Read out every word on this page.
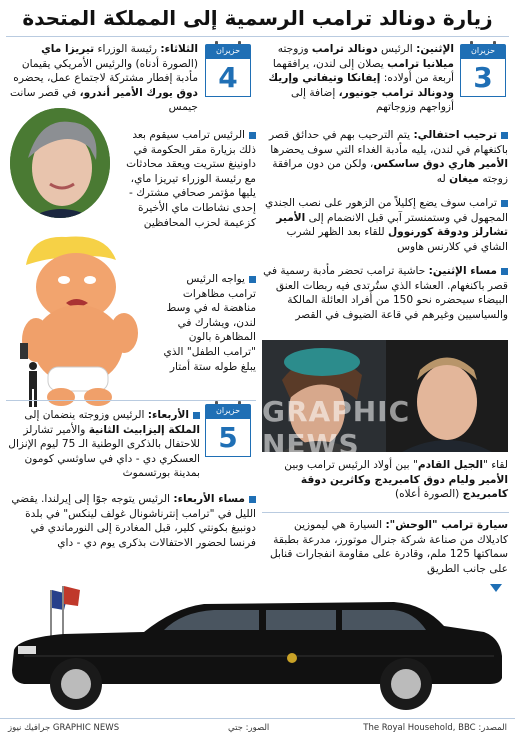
زيارة دونالد ترامب الرسمية إلى المملكة المتحدة
حزيران
3
حزيران
4
حزيران
5
الإثنين: الرئيس دونالد ترامب وزوجته ميلانيا ترامب يصلان إلى لندن، يرافقهما أربعة من أولاده: إيفانكا وتيفاني وإريك ودونالد ترامب جونيور، إضافة إلى أزواجهم وزوجاتهم
ترحيب احتفالي: يتم الترحيب بهم في حدائق قصر باكنغهام في لندن، يليه مأدبة الغداء التي سوف يحضرها الأمير هاري دوق ساسكس، ولكن من دون مرافقة زوجته ميغان له
ترامب سوف يضع إكليلاً من الزهور على نصب الجندي المجهول في وستمنستر آبي قبل الانضمام إلى الأمير تشارلز ودوقة كورنوول للقاء بعد الظهر لشرب الشاي في كلارنس هاوس
مساء الإثنين: حاشية ترامب تحضر مأدبة رسمية في قصر باكنغهام. العشاء الذي ستُرتدى فيه ربطات العنق البيضاء سيحضره نحو 150 من أفراد العائلة المالكة والسياسيين وغيرهم في قاعة الضيوف في القصر
GRAPHIC NEWS
لقاء "الجيل القادم" بين أولاد الرئيس ترامب وبين الأمير وليام دوق كامبريدج وكاثرين دوقة كامبريدج (الصورة أعلاه)
سيارة ترامب "الوحش": السيارة هي ليموزين كاديلاك من صناعة شركة جنرال موتورز، مدرعة بطبقة سماكتها 125 ملم، وقادرة على مقاومة انفجارات قنابل على جانب الطريق
الثلاثاء: رئيسة الوزراء تيريزا ماي (الصورة أدناه) والرئيس الأمريكي يقيمان مأدبة إفطار مشتركة لاجتماع عمل، يحضره دوق يورك الأمير أندرو، في قصر سانت جيمس
الرئيس ترامب سيقوم بعد ذلك بزيارة مقر الحكومة في داونينغ ستريت ويعقد محادثات مع رئيسة الوزراء تيريزا ماي، يليها مؤتمر صحافي مشترك - إحدى نشاطات ماي الأخيرة كزعيمة لحزب المحافظين
يواجه الرئيس ترامب مظاهرات مناهضة له في وسط لندن، ويشارك في المظاهرة بالون "ترامب الطفل" الذي يبلغ طوله ستة أمتار
الأربعاء: الرئيس وزوجته ينضمان إلى الملكة إليزابيث الثانية والأمير تشارلز للاحتفال بالذكرى الوطنية الـ 75 ليوم الإنزال العسكري دي - داي في ساوثسي كومون بمدينة بورتسموث
مساء الأربعاء: الرئيس يتوجه جوًا إلى إيرلندا. يقضي الليل في "ترامب إنترناشونال غولف لينكس" في بلدة دونبيغ بكونتي كلير، قبل المغادرة إلى النورماندي في فرنسا لحضور الاحتفالات بذكرى يوم دي - داي
المصدر: The Royal Household, BBC
الصور: جتي
جرافيك نيوز GRAPHIC NEWS
